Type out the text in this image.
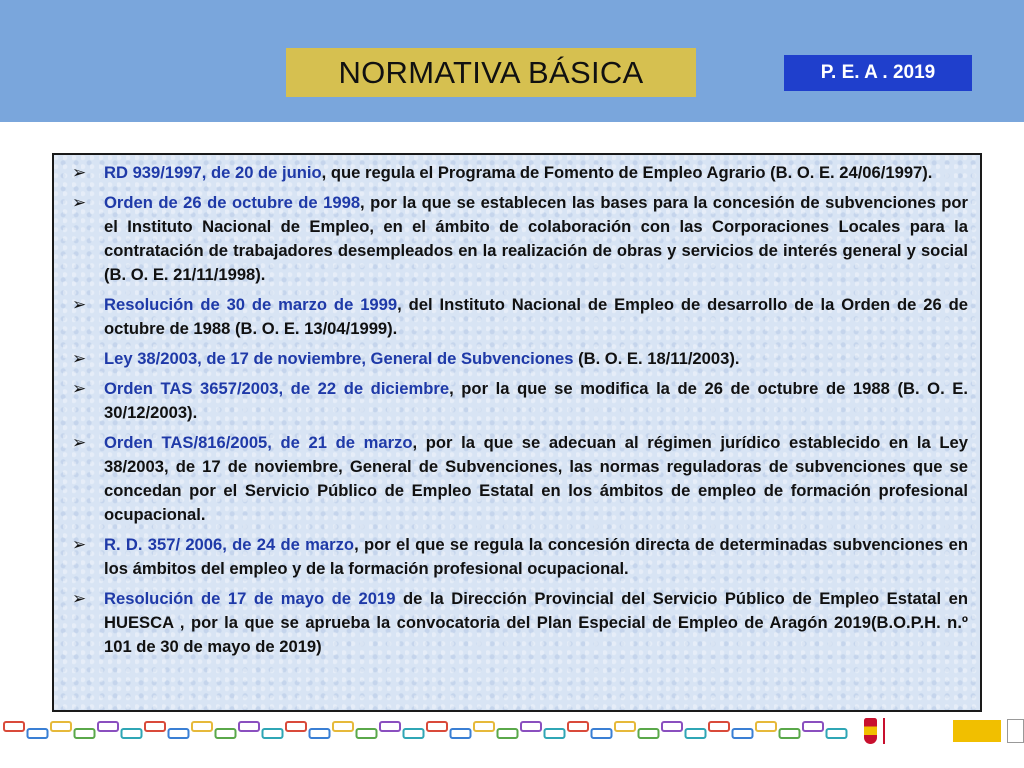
NORMATIVA BÁSICA	P. E. A . 2019
➢ RD 939/1997, de 20 de junio, que regula el Programa de Fomento de Empleo Agrario (B. O. E. 24/06/1997).
➢ Orden de 26 de octubre de 1998, por la que se establecen las bases para la concesión de subvenciones por el Instituto Nacional de Empleo, en el ámbito de colaboración con las Corporaciones Locales para la contratación de trabajadores desempleados en la realización de obras y servicios de interés general y social (B. O. E. 21/11/1998).
➢ Resolución de 30 de marzo de 1999, del Instituto Nacional de Empleo de desarrollo de la Orden de 26 de octubre de 1988 (B. O. E. 13/04/1999).
➢ Ley 38/2003, de 17 de noviembre, General de Subvenciones (B. O. E. 18/11/2003).
➢ Orden TAS 3657/2003, de 22 de diciembre, por la que se modifica la de 26 de octubre de 1988 (B. O. E. 30/12/2003).
➢ Orden TAS/816/2005, de 21 de marzo, por la que se adecuan al régimen jurídico establecido en la Ley 38/2003, de 17 de noviembre, General de Subvenciones, las normas reguladoras de subvenciones que se concedan por el Servicio Público de Empleo Estatal en los ámbitos de empleo de formación profesional ocupacional.
➢ R. D. 357/ 2006, de 24 de marzo, por el que se regula la concesión directa de determinadas subvenciones en los ámbitos del empleo y de la formación profesional ocupacional.
➢ Resolución de 17 de mayo de 2019 de la Dirección Provincial del Servicio Público de Empleo Estatal en HUESCA , por la que se aprueba la convocatoria del Plan Especial de Empleo de Aragón 2019(B.O.P.H. n.º 101 de 30 de mayo de 2019)
